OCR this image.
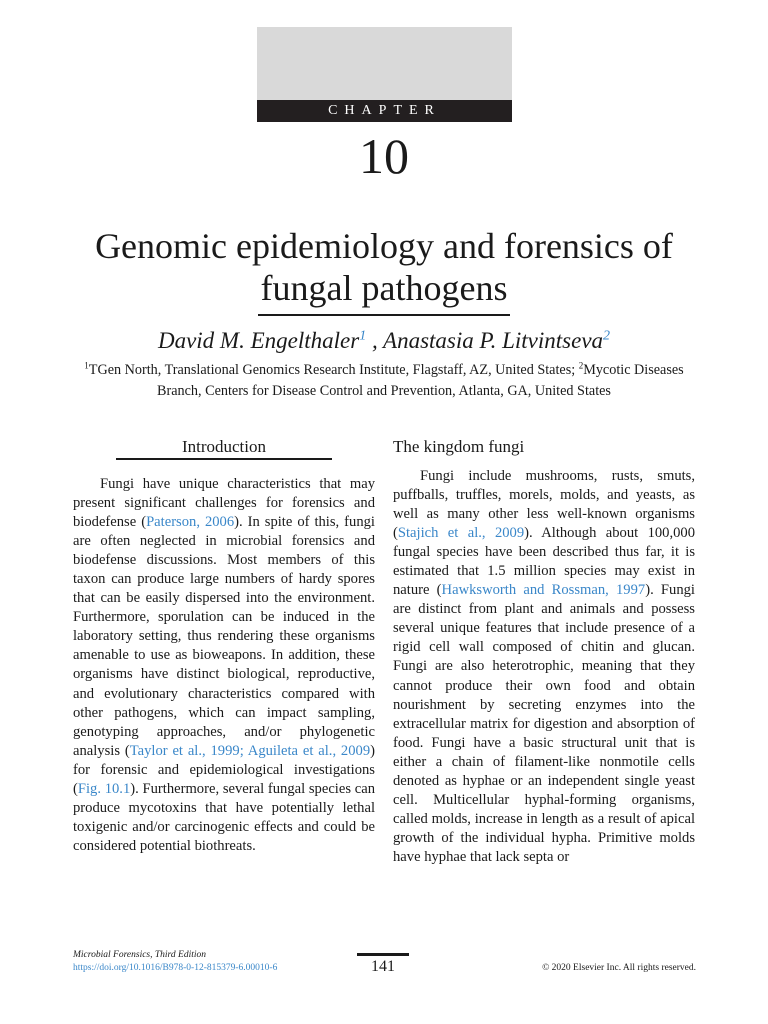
CHAPTER
10
Genomic epidemiology and forensics of
fungal pathogens
David M. Engelthaler$^1$ , Anastasia P. Litvintseva$^2$
$^1$TGen North, Translational Genomics Research Institute, Flagstaff, AZ, United States; $^2$Mycotic Diseases Branch, Centers for Disease Control and Prevention, Atlanta, GA, United States
Introduction

Fungi have unique characteristics that may present significant challenges for forensics and biodefense (Paterson, 2006). In spite of this, fungi are often neglected in microbial forensics and biodefense discussions. Most members of this taxon can produce large numbers of hardy spores that can be easily dispersed into the environment. Furthermore, sporulation can be induced in the laboratory setting, thus rendering these organisms amenable to use as bioweapons. In addition, these organisms have distinct biological, reproductive, and evolutionary characteristics compared with other pathogens, which can impact sampling, genotyping approaches, and/or phylogenetic analysis (Taylor et al., 1999; Aguileta et al., 2009) for forensic and epidemiological investigations (Fig. 10.1). Furthermore, several fungal species can produce mycotoxins that have potentially lethal toxigenic and/or carcinogenic effects and could be considered potential biothreats.

The kingdom fungi

Fungi include mushrooms, rusts, smuts, puffballs, truffles, morels, molds, and yeasts, as well as many other less well-known organisms (Stajich et al., 2009). Although about 100,000 fungal species have been described thus far, it is estimated that 1.5 million species may exist in nature (Hawksworth and Rossman, 1997). Fungi are distinct from plant and animals and possess several unique features that include presence of a rigid cell wall composed of chitin and glucan. Fungi are also heterotrophic, meaning that they cannot produce their own food and obtain nourishment by secreting enzymes into the extracellular matrix for digestion and absorption of food. Fungi have a basic structural unit that is either a chain of filament-like nonmotile cells denoted as hyphae or an independent single yeast cell. Multicellular hyphal-forming organisms, called molds, increase in length as a result of apical growth of the individual hypha. Primitive molds have hyphae that lack septa or

Microbial Forensics, Third Edition
https://doi.org/10.1016/B978-0-12-815379-6.00010-6	141	© 2020 Elsevier Inc. All rights reserved.
